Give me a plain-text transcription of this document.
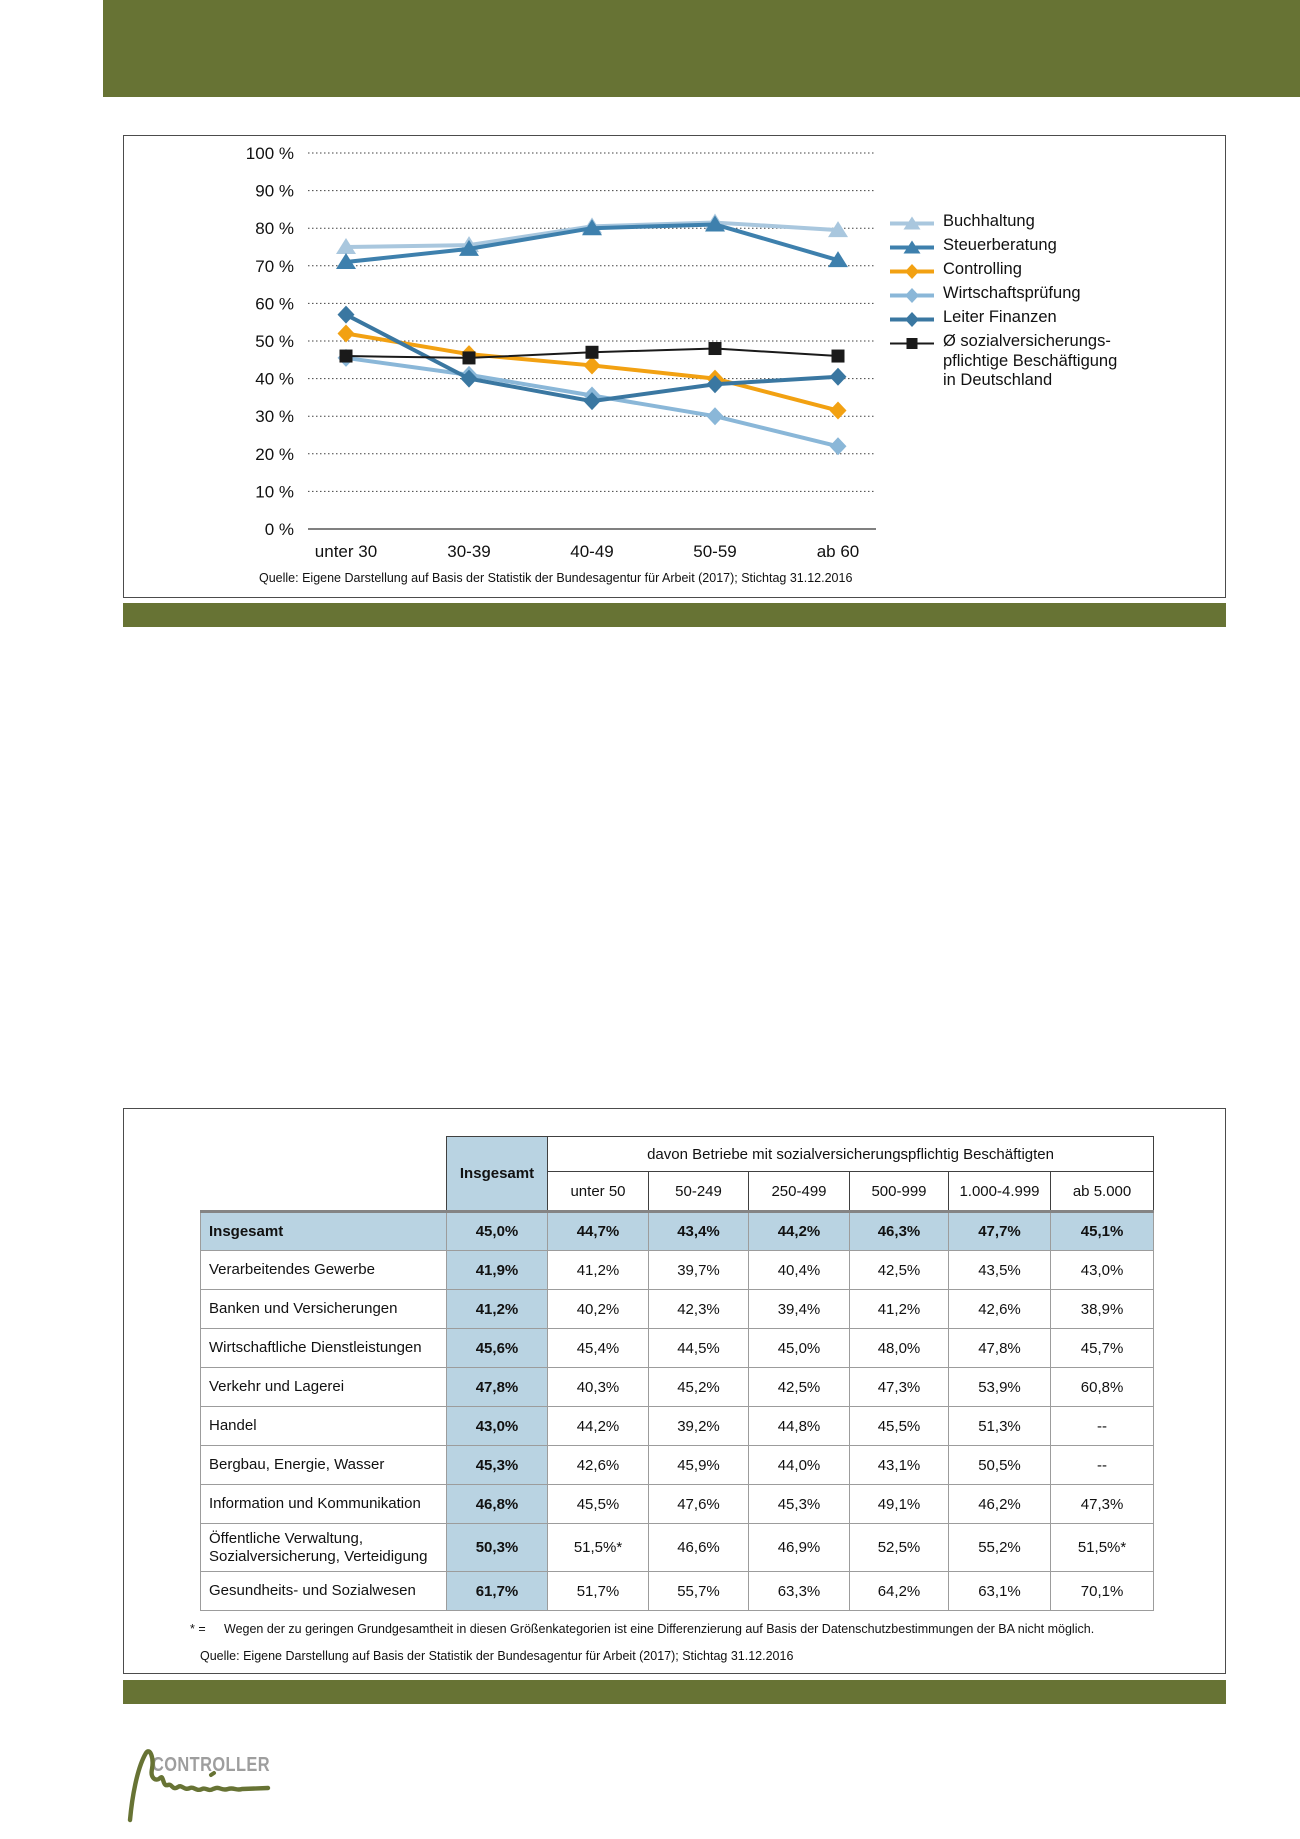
0 %
10 %
20 %
30 %
40 %
50 %
60 %
70 %
80 %
90 %
100 %
unter 30	30-39	40-49	50-59	ab 60
Buchhaltung
Steuerberatung
Controlling
Wirtschaftsprüfung
Leiter Finanzen
Ø sozialversicherungs-
pflichtige Beschäftigung
in Deutschland
Quelle: Eigene Darstellung auf Basis der Statistik der Bundesagentur für Arbeit (2017); Stichtag 31.12.2016
	Insgesamt	davon Betriebe mit sozialversicherungspflichtig Beschäftigten					
		unter 50	50-249	250-499	500-999	1.000-4.999	ab 5.000
Insgesamt	45,0%	44,7%	43,4%	44,2%	46,3%	47,7%	45,1%
Verarbeitendes Gewerbe	41,9%	41,2%	39,7%	40,4%	42,5%	43,5%	43,0%
Banken und Versicherungen	41,2%	40,2%	42,3%	39,4%	41,2%	42,6%	38,9%
Wirtschaftliche Dienstleistungen	45,6%	45,4%	44,5%	45,0%	48,0%	47,8%	45,7%
Verkehr und Lagerei	47,8%	40,3%	45,2%	42,5%	47,3%	53,9%	60,8%
Handel	43,0%	44,2%	39,2%	44,8%	45,5%	51,3%	--
Bergbau, Energie, Wasser	45,3%	42,6%	45,9%	44,0%	43,1%	50,5%	--
Information und Kommunikation	46,8%	45,5%	47,6%	45,3%	49,1%	46,2%	47,3%
Öffentliche Verwaltung,
Sozialversicherung, Verteidigung	50,3%	51,5%*	46,6%	46,9%	52,5%	55,2%	51,5%*
Gesundheits- und Sozialwesen	61,7%	51,7%	55,7%	63,3%	64,2%	63,1%	70,1%
* = Wegen der zu geringen Grundgesamtheit in diesen Größenkategorien ist eine Differenzierung auf Basis der Datenschutzbestimmungen der BA nicht möglich.
Quelle: Eigene Darstellung auf Basis der Statistik der Bundesagentur für Arbeit (2017); Stichtag 31.12.2016
CONTROLLER
